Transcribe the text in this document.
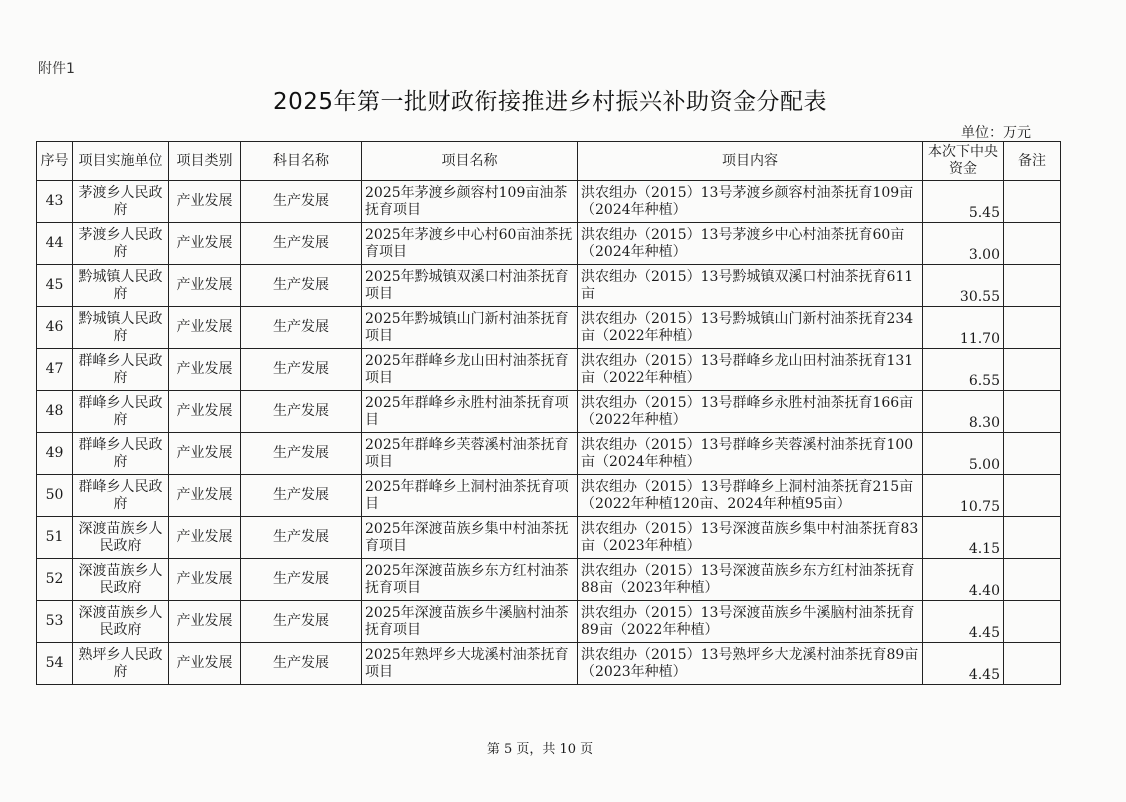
附件1
2025年第一批财政衔接推进乡村振兴补助资金分配表
单位：万元
序号	项目实施单位	项目类别	科目名称	项目名称	项目内容	本次下中央资金	备注
43	茅渡乡人民政府	产业发展	生产发展	2025年茅渡乡颜容村109亩油茶抚育项目	洪农组办（2015）13号茅渡乡颜容村油茶抚育109亩（2024年种植）	5.45	
44	茅渡乡人民政府	产业发展	生产发展	2025年茅渡乡中心村60亩油茶抚育项目	洪农组办（2015）13号茅渡乡中心村油茶抚育60亩（2024年种植）	3.00	
45	黔城镇人民政府	产业发展	生产发展	2025年黔城镇双溪口村油茶抚育项目	洪农组办（2015）13号黔城镇双溪口村油茶抚育611亩	30.55	
46	黔城镇人民政府	产业发展	生产发展	2025年黔城镇山门新村油茶抚育项目	洪农组办（2015）13号黔城镇山门新村油茶抚育234亩（2022年种植）	11.70	
47	群峰乡人民政府	产业发展	生产发展	2025年群峰乡龙山田村油茶抚育项目	洪农组办（2015）13号群峰乡龙山田村油茶抚育131亩（2022年种植）	6.55	
48	群峰乡人民政府	产业发展	生产发展	2025年群峰乡永胜村油茶抚育项目	洪农组办（2015）13号群峰乡永胜村油茶抚育166亩（2022年种植）	8.30	
49	群峰乡人民政府	产业发展	生产发展	2025年群峰乡芙蓉溪村油茶抚育项目	洪农组办（2015）13号群峰乡芙蓉溪村油茶抚育100亩（2024年种植）	5.00	
50	群峰乡人民政府	产业发展	生产发展	2025年群峰乡上洞村油茶抚育项目	洪农组办（2015）13号群峰乡上洞村油茶抚育215亩（2022年种植120亩、2024年种植95亩）	10.75	
51	深渡苗族乡人民政府	产业发展	生产发展	2025年深渡苗族乡集中村油茶抚育项目	洪农组办（2015）13号深渡苗族乡集中村油茶抚育83亩（2023年种植）	4.15	
52	深渡苗族乡人民政府	产业发展	生产发展	2025年深渡苗族乡东方红村油茶抚育项目	洪农组办（2015）13号深渡苗族乡东方红村油茶抚育88亩（2023年种植）	4.40	
53	深渡苗族乡人民政府	产业发展	生产发展	2025年深渡苗族乡牛溪脑村油茶抚育项目	洪农组办（2015）13号深渡苗族乡牛溪脑村油茶抚育89亩（2022年种植）	4.45	
54	熟坪乡人民政府	产业发展	生产发展	2025年熟坪乡大垅溪村油茶抚育项目	洪农组办（2015）13号熟坪乡大龙溪村油茶抚育89亩（2023年种植）	4.45	
第 5 页，共 10 页
